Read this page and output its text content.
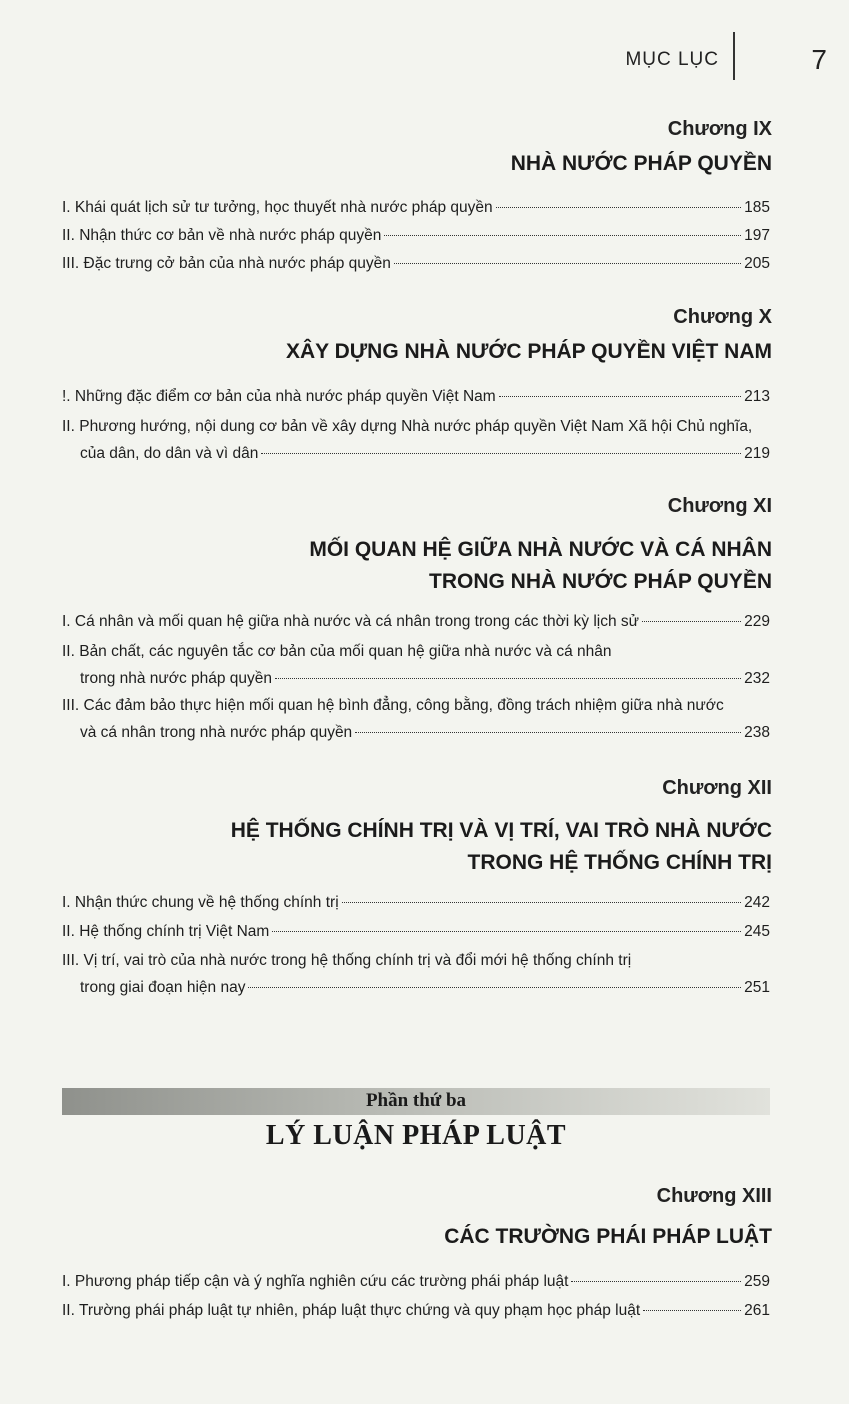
MỤC LỤC	7
Chương IX
NHÀ NƯỚC PHÁP QUYỀN
I. Khái quát lịch sử tư tưởng, học thuyết nhà nước pháp quyền	185
II. Nhận thức cơ bản về nhà nước pháp quyền	197
III. Đặc trưng cở bản của nhà nước pháp quyền	205
Chương X
XÂY DỰNG NHÀ NƯỚC PHÁP QUYỀN VIỆT NAM
!. Những đặc điểm cơ bản của nhà nước pháp quyền Việt Nam	213
II. Phương hướng, nội dung cơ bản về xây dựng Nhà nước pháp quyền Việt Nam Xã hội Chủ nghĩa,
của dân, do dân và vì dân	219
Chương XI
MỐI QUAN HỆ GIỮA NHÀ NƯỚC VÀ CÁ NHÂN
TRONG NHÀ NƯỚC PHÁP QUYỀN
I. Cá nhân và mối quan hệ giữa nhà nước và cá nhân trong trong các thời kỳ lịch sử	229
II. Bản chất, các nguyên tắc cơ bản của mối quan hệ giữa nhà nước và cá nhân
trong nhà nước pháp quyền	232
III. Các đảm bảo thực hiện mối quan hệ bình đẳng, công bằng, đồng trách nhiệm giữa nhà nước
và cá nhân trong nhà nước pháp quyền	238
Chương XII
HỆ THỐNG CHÍNH TRỊ VÀ VỊ TRÍ, VAI TRÒ NHÀ NƯỚC
TRONG HỆ THỐNG CHÍNH TRỊ
I. Nhận thức chung về hệ thống chính trị	242
II. Hệ thống chính trị Việt Nam	245
III. Vị trí, vai trò của nhà nước trong hệ thống chính trị và đổi mới hệ thống chính trị
trong giai đoạn hiện nay	251
Phần thứ ba
LÝ LUẬN PHÁP LUẬT
Chương XIII
CÁC TRƯỜNG PHÁI PHÁP LUẬT
I. Phương pháp tiếp cận và ý nghĩa nghiên cứu các trường phái pháp luật	259
II. Trường phái pháp luật tự nhiên, pháp luật thực chứng và quy phạm học pháp luật	261
